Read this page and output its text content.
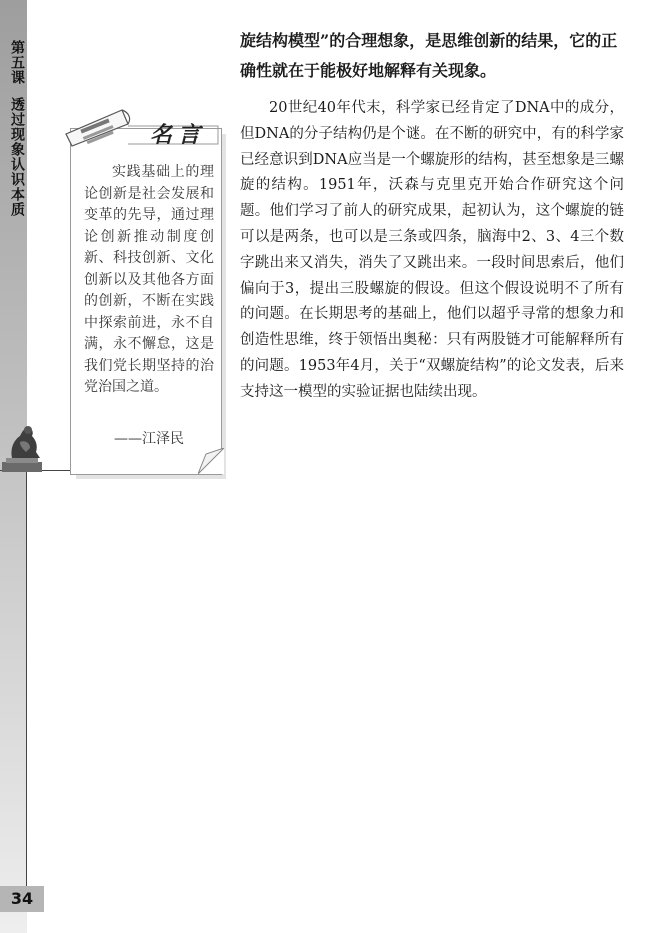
第五课透过现象认识本质
34
名言

实践基础上的理论创新是社会发展和变革的先导，通过理论创新推动制度创新、科技创新、文化创新以及其他各方面的创新，不断在实践中探索前进，永不自满，永不懈怠，这是我们党长期坚持的治党治国之道。

——江泽民

旋结构模型”的合理想象，是思维创新的结果，它的正确性就在于能极好地解释有关现象。

20世纪40年代末，科学家已经肯定了DNA中的成分，但DNA的分子结构仍是个谜。在不断的研究中，有的科学家已经意识到DNA应当是一个螺旋形的结构，甚至想象是三螺旋的结构。1951年，沃森与克里克开始合作研究这个问题。他们学习了前人的研究成果，起初认为，这个螺旋的链可以是两条，也可以是三条或四条，脑海中2、3、4三个数字跳出来又消失，消失了又跳出来。一段时间思索后，他们偏向于3，提出三股螺旋的假设。但这个假设说明不了所有的问题。在长期思考的基础上，他们以超乎寻常的想象力和创造性思维，终于领悟出奥秘：只有两股链才可能解释所有的问题。1953年4月，关于“双螺旋结构”的论文发表，后来支持这一模型的实验证据也陆续出现。
